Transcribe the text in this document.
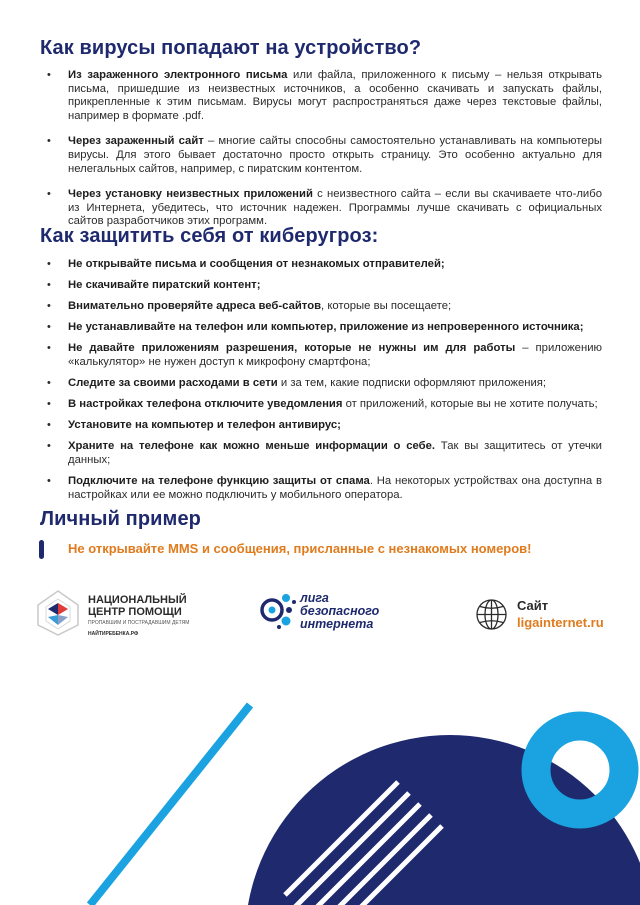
Как вирусы попадают на устройство?
• Из зараженного электронного письма или файла, приложенного к письму – нельзя открывать письма, пришедшие из неизвестных источников, а особенно скачивать и запускать файлы, прикрепленные к этим письмам. Вирусы могут распространяться даже через текстовые файлы, например в формате .pdf.
• Через зараженный сайт – многие сайты способны самостоятельно устанавливать на компьютеры вирусы. Для этого бывает достаточно просто открыть страницу. Это особенно актуально для нелегальных сайтов, например, с пиратским контентом.
• Через установку неизвестных приложений с неизвестного сайта – если вы скачиваете что-либо из Интернета, убедитесь, что источник надежен. Программы лучше скачивать с официальных сайтов разработчиков этих программ.
Как защитить себя от киберугроз:
• Не открывайте письма и сообщения от незнакомых отправителей;
• Не скачивайте пиратский контент;
• Внимательно проверяйте адреса веб-сайтов, которые вы посещаете;
• Не устанавливайте на телефон или компьютер, приложение из непроверенного источника;
• Не давайте приложениям разрешения, которые не нужны им для работы – приложению «калькулятор» не нужен доступ к микрофону смартфона;
• Следите за своими расходами в сети и за тем, какие подписки оформляют приложения;
• В настройках телефона отключите уведомления от приложений, которые вы не хотите получать;
• Установите на компьютер и телефон антивирус;
• Храните на телефоне как можно меньше информации о себе. Так вы защититесь от утечки данных;
• Подключите на телефоне функцию защиты от спама. На некоторых устройствах она доступна в настройках или ее можно подключить у мобильного оператора.
Личный пример
Не открывайте MMS и сообщения, присланные с незнакомых номеров!
НАЦИОНАЛЬНЫЙ ЦЕНТР ПОМОЩИ
ПРОПАВШИМ И ПОСТРАДАВШИМ ДЕТЯМ
НАЙТИРЕБЕНКА.РФ
лига безопасного интернета
Сайт
ligainternet.ru
